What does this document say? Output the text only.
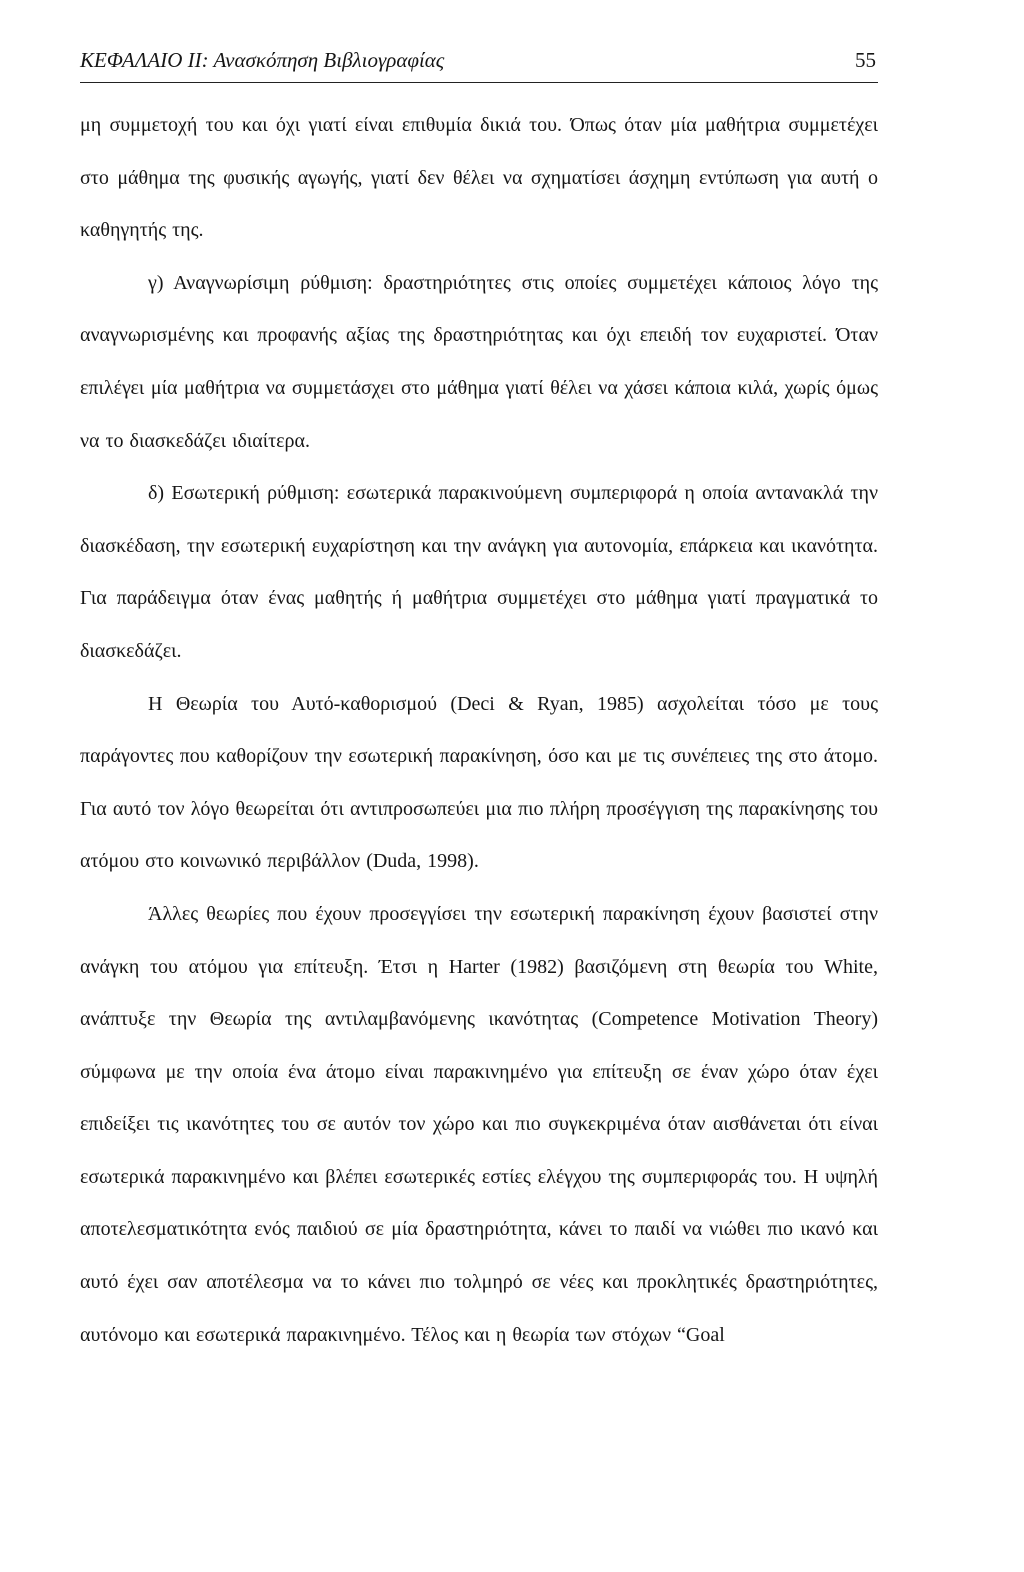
ΚΕΦΑΛΑΙΟ ΙΙ: Ανασκόπηση Βιβλιογραφίας	55

μη συμμετοχή του και όχι γιατί είναι επιθυμία δικιά του. Όπως όταν μία μαθήτρια συμμετέχει στο μάθημα της φυσικής αγωγής, γιατί δεν θέλει να σχηματίσει άσχημη εντύπωση για αυτή ο καθηγητής της.

γ) Αναγνωρίσιμη ρύθμιση: δραστηριότητες στις οποίες συμμετέχει κάποιος λόγο της αναγνωρισμένης και προφανής αξίας της δραστηριότητας και όχι επειδή τον ευχαριστεί. Όταν επιλέγει μία μαθήτρια να συμμετάσχει στο μάθημα γιατί θέλει να χάσει κάποια κιλά, χωρίς όμως να το διασκεδάζει ιδιαίτερα.

δ) Εσωτερική ρύθμιση: εσωτερικά παρακινούμενη συμπεριφορά η οποία αντανακλά την διασκέδαση, την εσωτερική ευχαρίστηση και την ανάγκη για αυτονομία, επάρκεια και ικανότητα. Για παράδειγμα όταν ένας μαθητής ή μαθήτρια συμμετέχει στο μάθημα γιατί πραγματικά το διασκεδάζει.

Η Θεωρία του Αυτό-καθορισμού (Deci & Ryan, 1985) ασχολείται τόσο με τους παράγοντες που καθορίζουν την εσωτερική παρακίνηση, όσο και με τις συνέπειες της στο άτομο. Για αυτό τον λόγο θεωρείται ότι αντιπροσωπεύει μια πιο πλήρη προσέγγιση της παρακίνησης του ατόμου στο κοινωνικό περιβάλλον (Duda, 1998).

Άλλες θεωρίες που έχουν προσεγγίσει την εσωτερική παρακίνηση έχουν βασιστεί στην ανάγκη του ατόμου για επίτευξη. Έτσι η Harter (1982) βασιζόμενη στη θεωρία του White, ανάπτυξε την Θεωρία της αντιλαμβανόμενης ικανότητας (Competence Motivation Theory) σύμφωνα με την οποία ένα άτομο είναι παρακινημένο για επίτευξη σε έναν χώρο όταν έχει επιδείξει τις ικανότητες του σε αυτόν τον χώρο και πιο συγκεκριμένα όταν αισθάνεται ότι είναι εσωτερικά παρακινημένο και βλέπει εσωτερικές εστίες ελέγχου της συμπεριφοράς του. Η υψηλή αποτελεσματικότητα ενός παιδιού σε μία δραστηριότητα, κάνει το παιδί να νιώθει πιο ικανό και αυτό έχει σαν αποτέλεσμα να το κάνει πιο τολμηρό σε νέες και προκλητικές δραστηριότητες, αυτόνομο και εσωτερικά παρακινημένο. Τέλος και η θεωρία των στόχων “Goal
